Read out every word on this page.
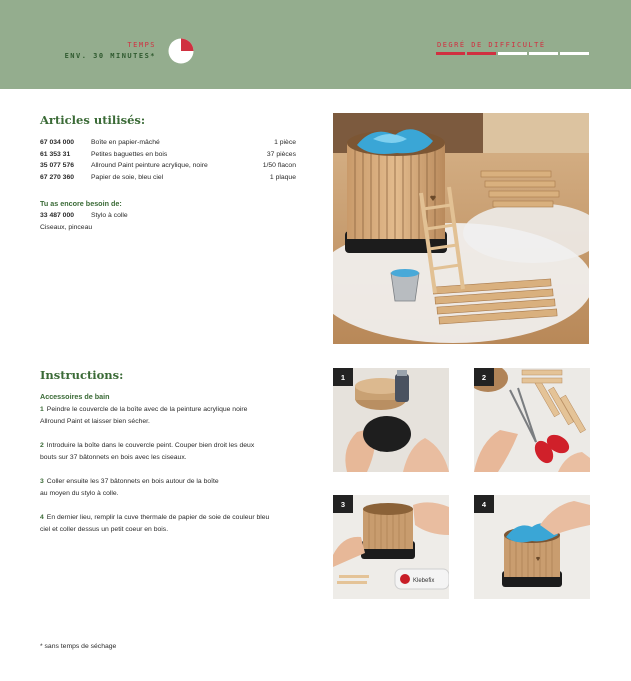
TEMPS
ENV. 30 MINUTES*
DEGRÉ DE DIFFICULTÉ
Articles utilisés:
67 034 000	Boîte en papier-mâché	1 pièce
61 353 31	Petites baguettes en bois	37 pièces
35 077 576	Allround Paint peinture acrylique, noire	1/50 flacon
67 270 360	Papier de soie, bleu ciel	1 plaque
Tu as encore besoin de:
33 487 000	Stylo à colle
Ciseaux, pinceau
Instructions:
Accessoires de bain
1 Peindre le couvercle de la boîte avec de la peinture acrylique noire
Allround Paint et laisser bien sécher.
2 Introduire la boîte dans le couvercle peint. Couper bien droit les deux
bouts sur 37 bâtonnets en bois avec les ciseaux.
3 Coller ensuite les 37 bâtonnets en bois autour de la boîte
au moyen du stylo à colle.
4 En dernier lieu, remplir la cuve thermale de papier de soie de couleur bleu
ciel et coller dessus un petit coeur en bois.
1	2
Klebefix
3	4
* sans temps de séchage
